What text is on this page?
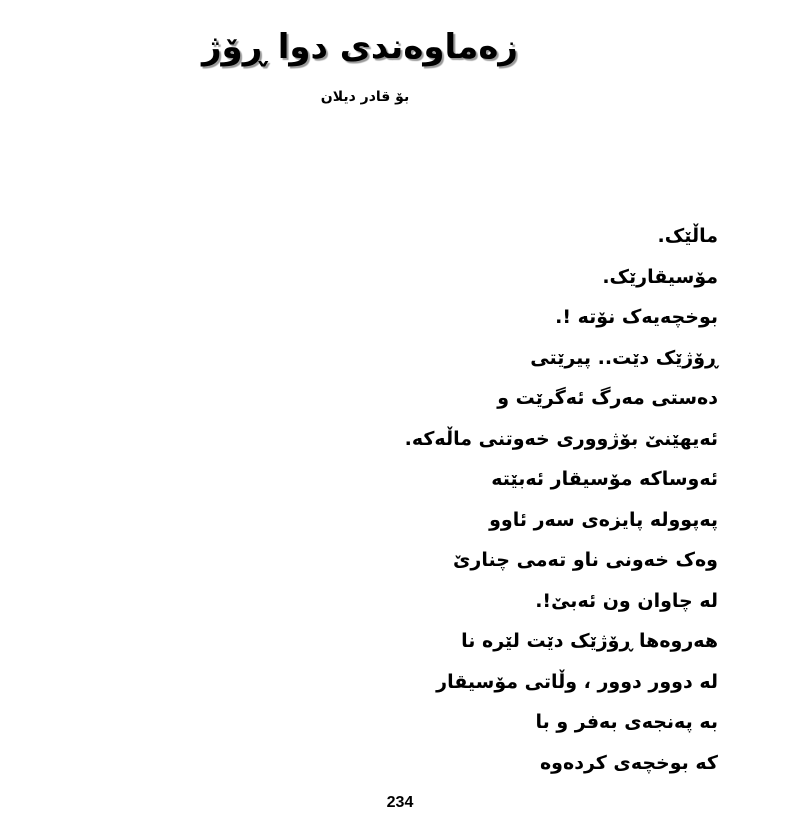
زەماوەندی دوا ڕۆژ
بۆ قادر دیلان
ماڵێک.
مۆسیقارێک.
بوخچەیەک نۆتە !.
ڕۆژێک دێت.. پیرێتی
دەستی مەرگ ئەگرێت و
ئەیهێنێ بۆژووری خەوتنی ماڵەکە.
ئەوساکە مۆسیقار ئەبێتە
پەپوولە پایزەی سەر ئاوو
وەک خەونی ناو تەمی چنارێ
لە چاوان ون ئەبێ!.
هەروەها ڕۆژێک دێت لێرە نا
لە دوور دوور ، وڵاتی مۆسیقار
بە پەنجەی بەفر و با
کە بوخچەی کردەوە
234
